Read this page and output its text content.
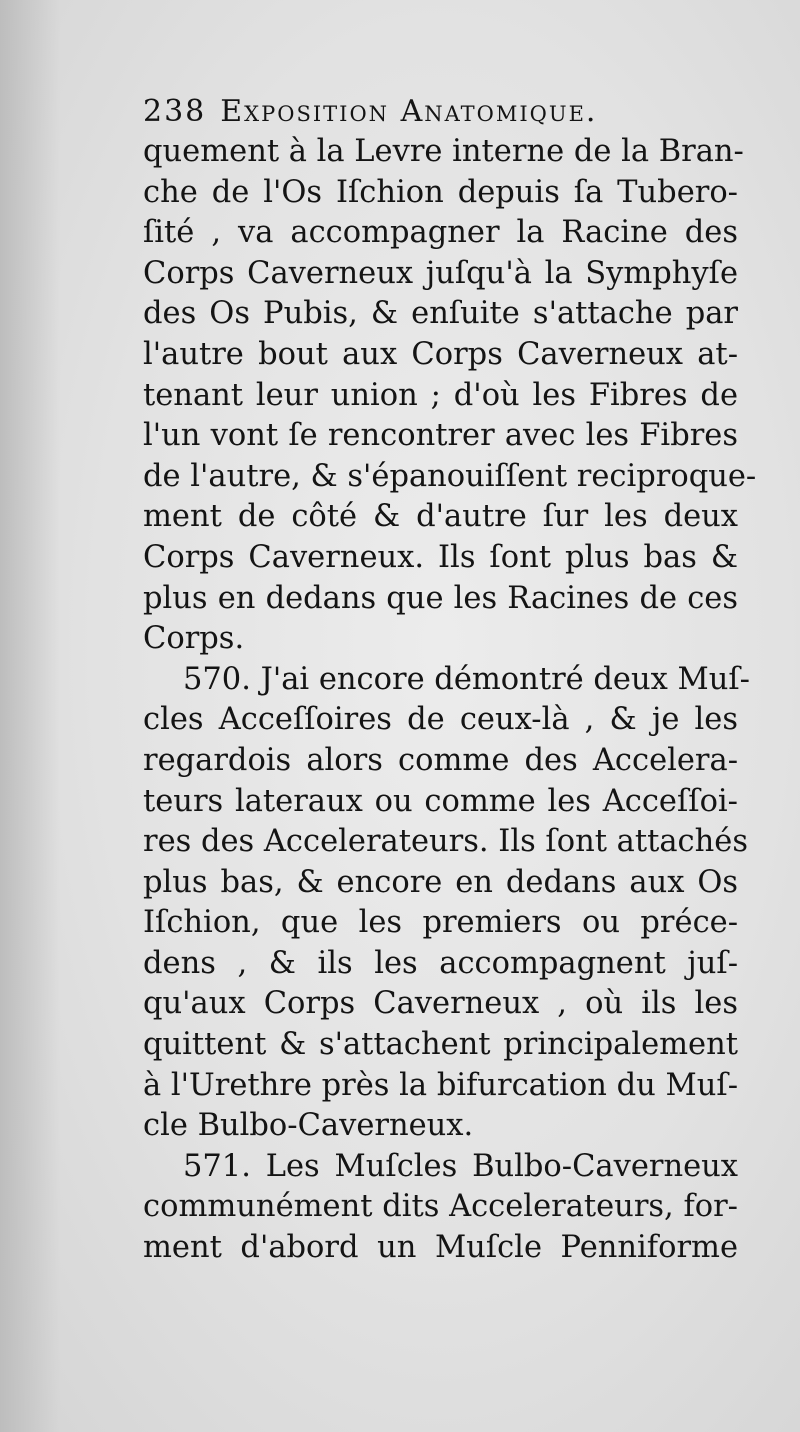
238 Exposition Anatomique.
quement à la Levre interne de la Bran-
che de l'Os Iſchion depuis ſa Tubero-
ſité , va accompagner la Racine des
Corps Caverneux juſqu'à la Symphyſe
des Os Pubis, & enſuite s'attache par
l'autre bout aux Corps Caverneux at-
tenant leur union ; d'où les Fibres de
l'un vont ſe rencontrer avec les Fibres
de l'autre, & s'épanouiſſent reciproque-
ment de côté & d'autre ſur les deux
Corps Caverneux. Ils ſont plus bas &
plus en dedans que les Racines de ces
Corps.
570. J'ai encore démontré deux Muſ-
cles Acceſſoires de ceux-là , & je les
regardois alors comme des Accelera-
teurs lateraux ou comme les Acceſſoi-
res des Accelerateurs. Ils ſont attachés
plus bas, & encore en dedans aux Os
Iſchion, que les premiers ou préce-
dens , & ils les accompagnent juſ-
qu'aux Corps Caverneux , où ils les
quittent & s'attachent principalement
à l'Urethre près la bifurcation du Muſ-
cle Bulbo-Caverneux.
571. Les Muſcles Bulbo-Caverneux
communément dits Accelerateurs, for-
ment d'abord un Muſcle Penniforme
